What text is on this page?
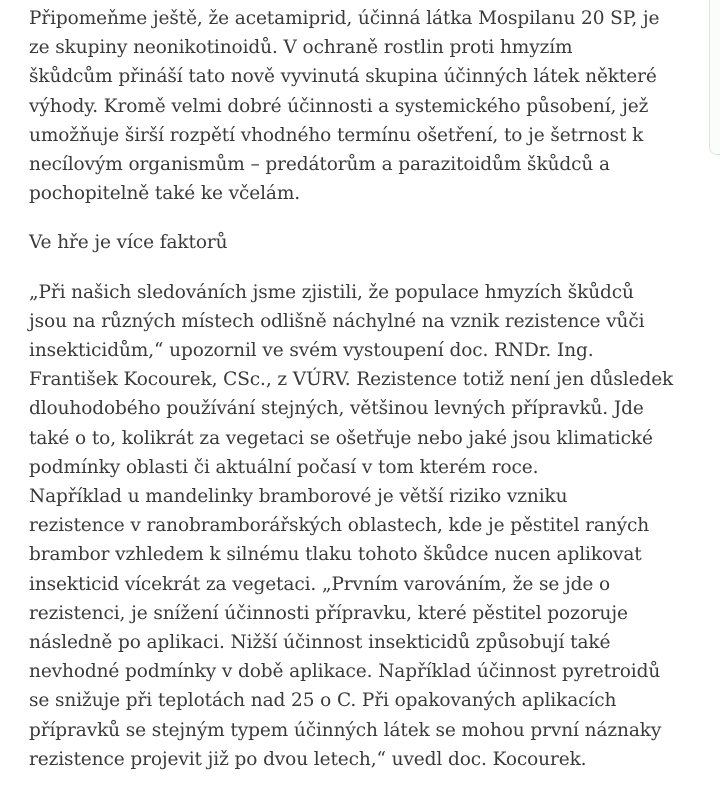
Připomeňme ještě, že acetamiprid, účinná látka Mospilanu 20 SP, je
ze skupiny neonikotinoidů. V ochraně rostlin proti hmyzím
škůdcům přináší tato nově vyvinutá skupina účinných látek některé
výhody. Kromě velmi dobré účinnosti a systemického působení, jež
umožňuje širší rozpětí vhodného termínu ošetření, to je šetrnost k
necílovým organismům – predátorům a parazitoidům škůdců a
pochopitelně také ke včelám.

Ve hře je více faktorů

„Při našich sledováních jsme zjistili, že populace hmyzích škůdců
jsou na různých místech odlišně náchylné na vznik rezistence vůči
insekticidům,“ upozornil ve svém vystoupení doc. RNDr. Ing.
František Kocourek, CSc., z VÚRV. Rezistence totiž není jen důsledek
dlouhodobého používání stejných, většinou levných přípravků. Jde
také o to, kolikrát za vegetaci se ošetřuje nebo jaké jsou klimatické
podmínky oblasti či aktuální počasí v tom kterém roce.

Například u mandelinky bramborové je větší riziko vzniku
rezistence v ranobramborářských oblastech, kde je pěstitel raných
brambor vzhledem k silnému tlaku tohoto škůdce nucen aplikovat
insekticid vícekrát za vegetaci. „Prvním varováním, že se jde o
rezistenci, je snížení účinnosti přípravku, které pěstitel pozoruje
následně po aplikaci. Nižší účinnost insekticidů způsobují také
nevhodné podmínky v době aplikace. Například účinnost pyretroidů
se snižuje při teplotách nad 25 o C. Při opakovaných aplikacích
přípravků se stejným typem účinných látek se mohou první náznaky
rezistence projevit již po dvou letech,“ uvedl doc. Kocourek.
